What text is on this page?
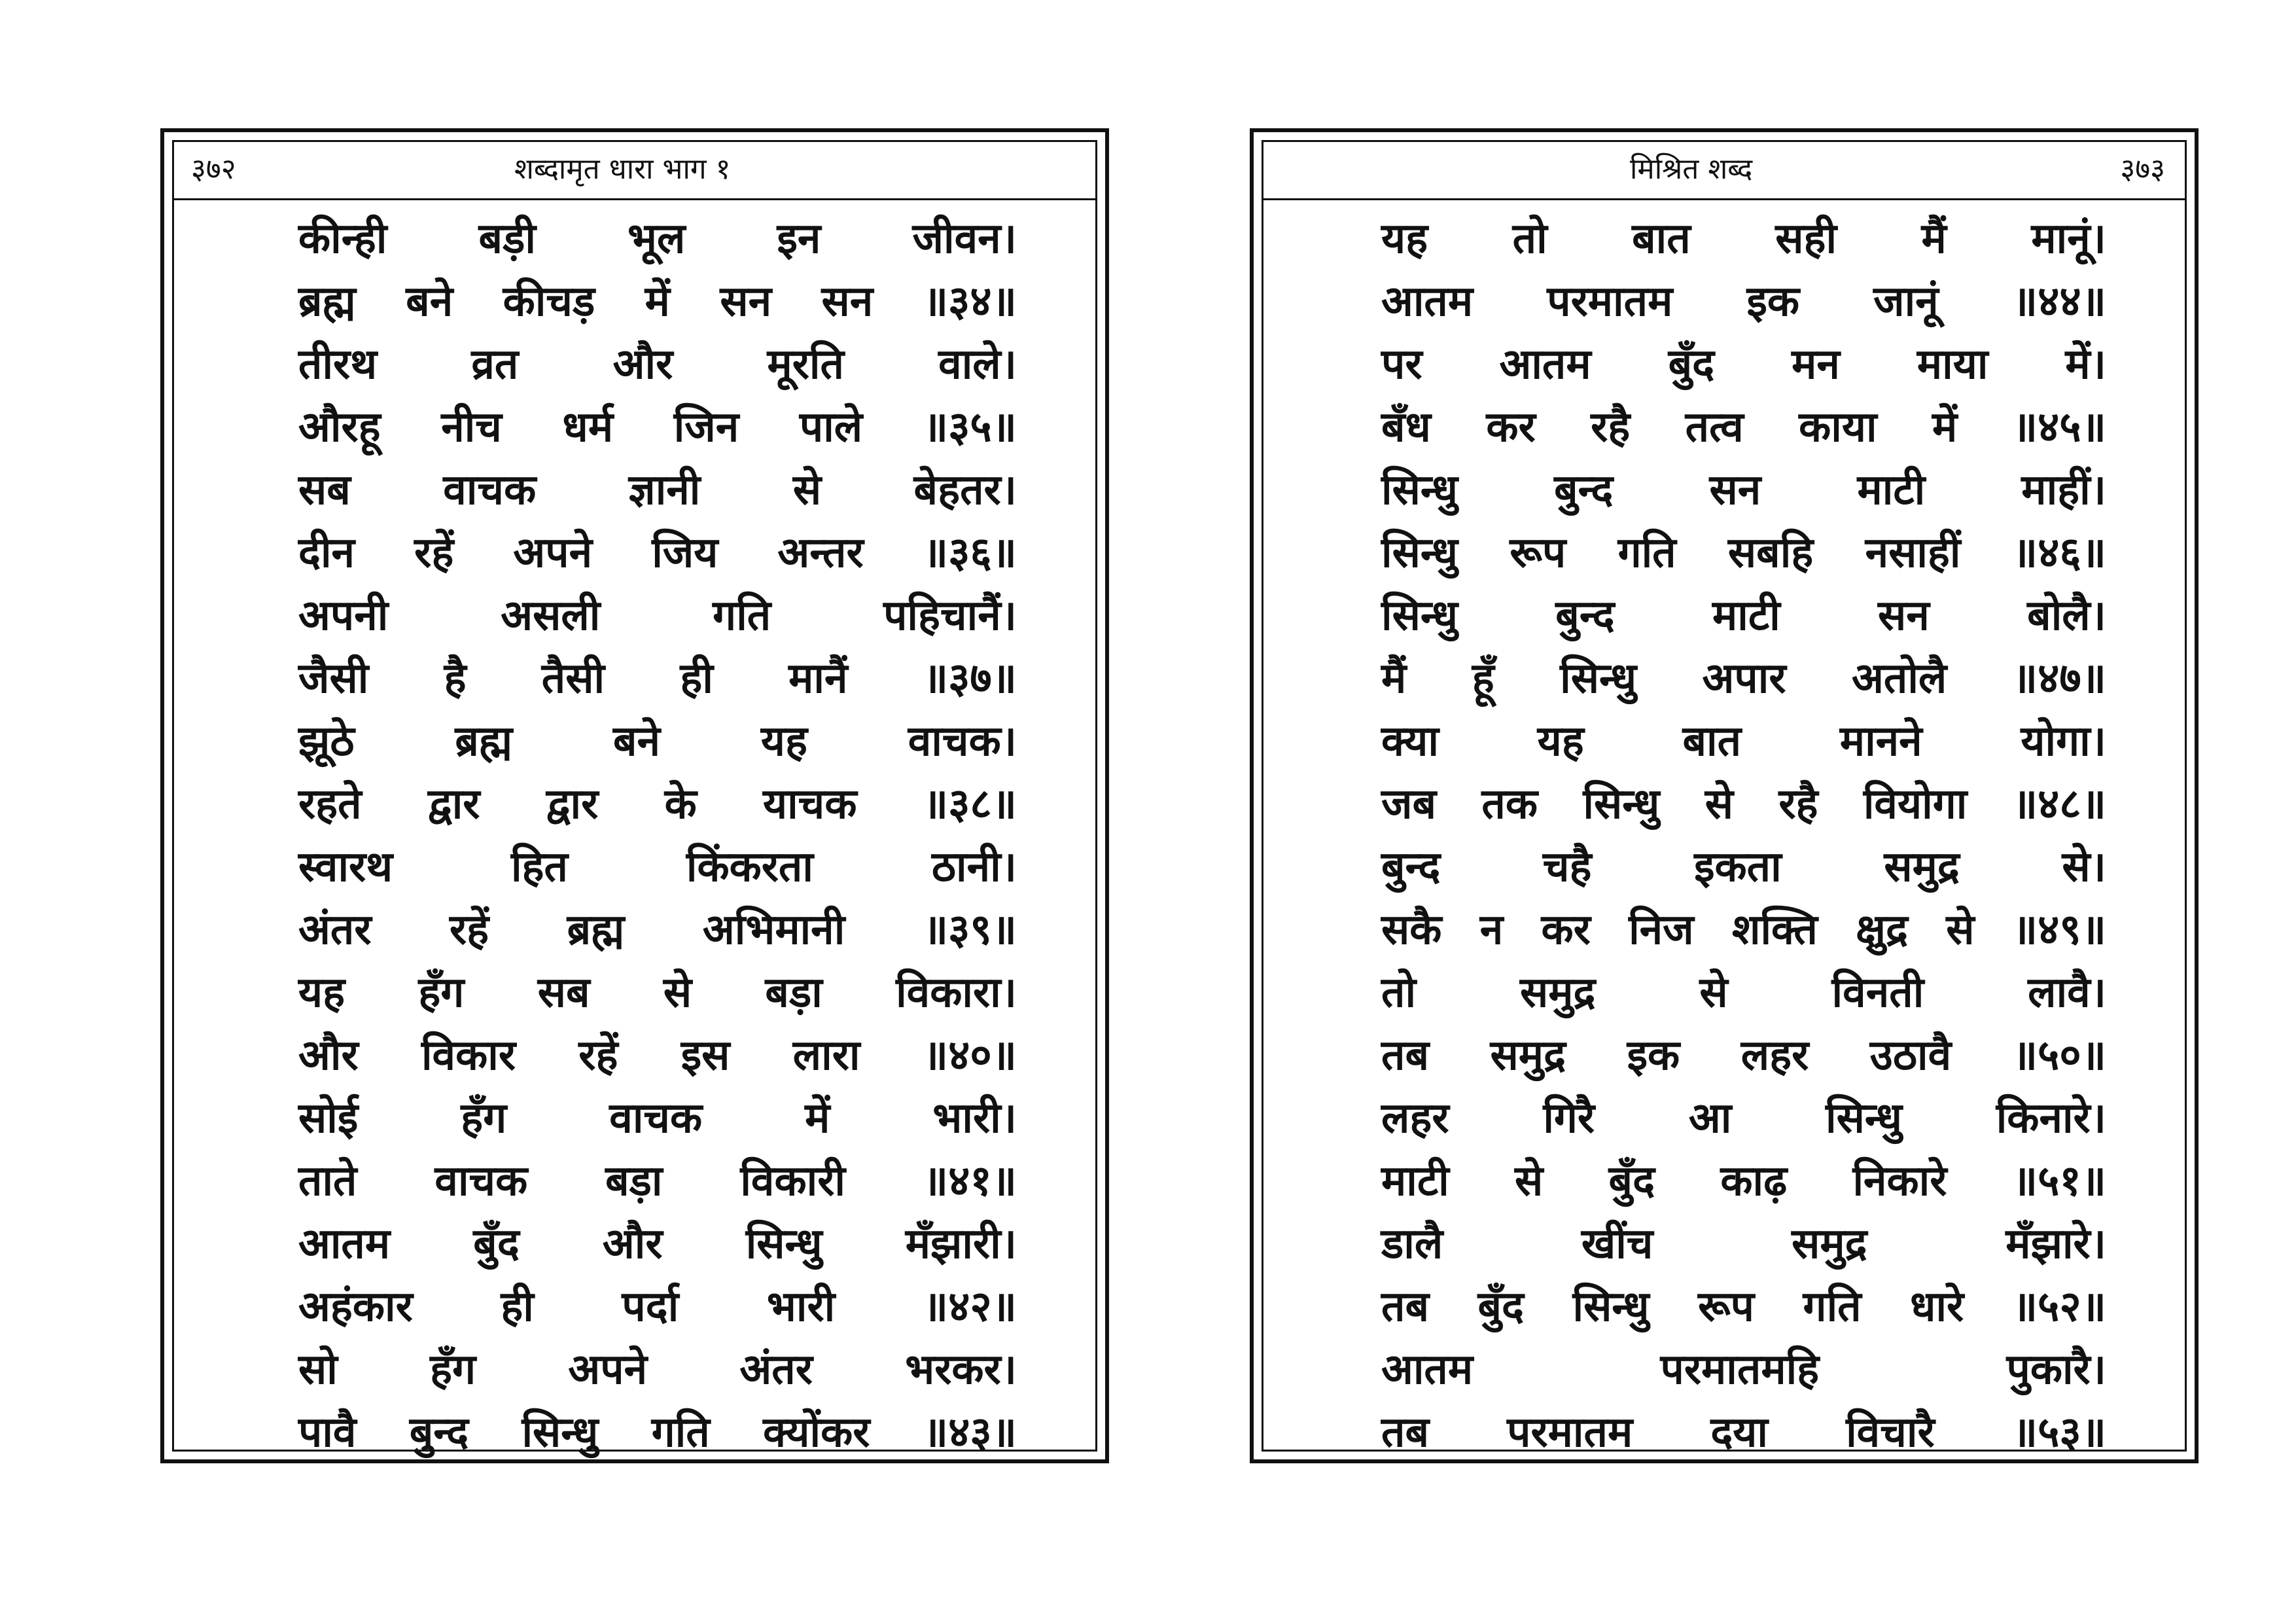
३७२	शब्दामृत धारा भाग १
कीन्ही बड़ी भूल इन जीवन।
ब्रह्म बने कीचड़ में सन सन ॥३४॥
तीरथ व्रत और मूरति वाले।
औरहू नीच धर्म जिन पाले ॥३५॥
सब वाचक ज्ञानी से बेहतर।
दीन रहें अपने जिय अन्तर ॥३६॥
अपनी	असली	गति	पहिचानैं।
जैसी है तैसी ही मानैं ॥३७॥
झूठे ब्रह्म बने यह वाचक।
रहते द्वार द्वार के याचक ॥३८॥
स्वारथ	हित	किंकरता	ठानी।
अंतर रहें ब्रह्म अभिमानी ॥३९॥
यह हँग सब से बड़ा विकारा।
और विकार रहें इस लारा ॥४०॥
सोई हँग वाचक में भारी।
ताते वाचक बड़ा विकारी ॥४१॥
आतम बुँद और सिन्धु मँझारी।
अहंकार ही पर्दा भारी ॥४२॥
सो हँग अपने अंतर भरकर।
पावै बुन्द सिन्धु गति क्योंकर ॥४३॥
मिश्रित शब्द	३७३
यह तो बात सही मैं मानूं।
आतम परमातम इक जानूं ॥४४॥
पर आतम बुँद मन माया में।
बँध कर रहै तत्व काया में ॥४५॥
सिन्धु बुन्द सन माटी माहीं।
सिन्धु रूप गति सबहि नसाहीं ॥४६॥
सिन्धु बुन्द माटी सन बोलै।
मैं हूँ सिन्धु अपार अतोलै ॥४७॥
क्या यह बात मानने योगा।
जब तक सिन्धु से रहै वियोगा ॥४८॥
बुन्द चहै इकता समुद्र से।
सकै न कर निज शक्ति क्षुद्र से ॥४९॥
तो समुद्र से विनती लावै।
तब समुद्र इक लहर उठावै ॥५०॥
लहर गिरै आ सिन्धु किनारे।
माटी से बुँद काढ़ निकारे ॥५१॥
डालै	खींच	समुद्र	मँझारे।
तब बुँद सिन्धु रूप गति धारे ॥५२॥
आतम	परमातमहि	पुकारै।
तब परमातम दया विचारै ॥५३॥
